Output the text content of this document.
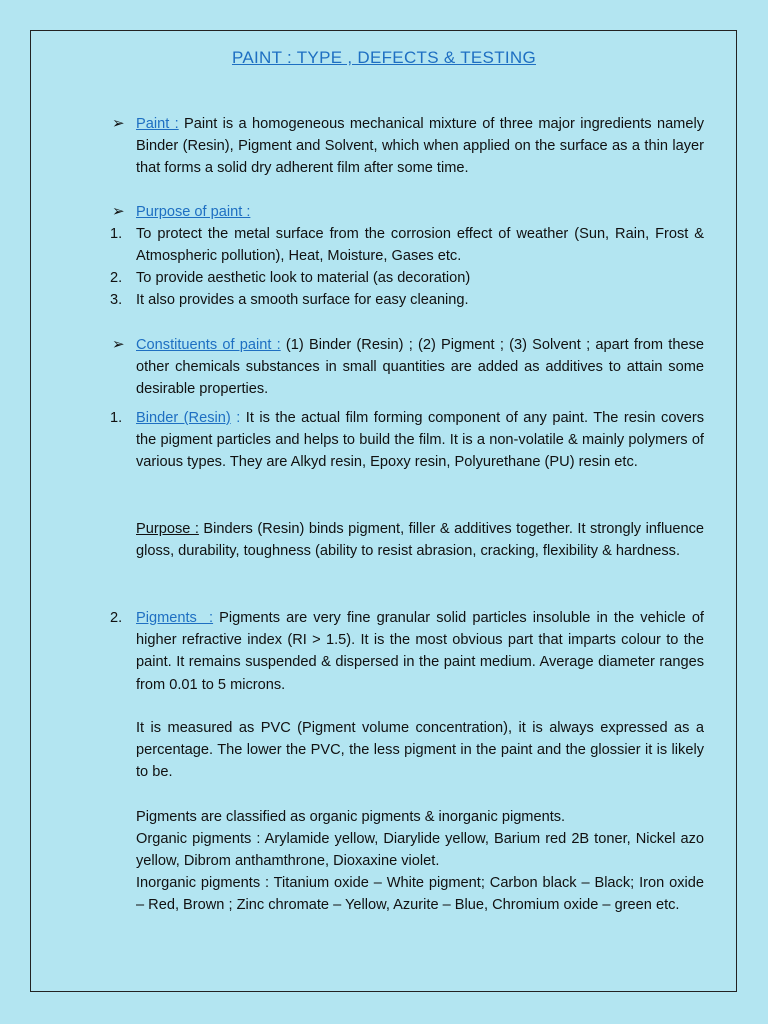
PAINT : TYPE , DEFECTS & TESTING
➢ Paint : Paint is a homogeneous mechanical mixture of three major ingredients namely Binder (Resin), Pigment and Solvent, which when applied on the surface as a thin layer that forms a solid dry adherent film after some time.

➢ Purpose of paint :

1. To protect the metal surface from the corrosion effect of weather (Sun, Rain, Frost & Atmospheric pollution), Heat, Moisture, Gases etc.

2. To provide aesthetic look to material (as decoration)

3. It also provides a smooth surface for easy cleaning.

➢ Constituents of paint : (1) Binder (Resin) ; (2) Pigment ; (3) Solvent ; apart from these other chemicals substances in small quantities are added as additives to attain some desirable properties.

1. Binder (Resin) : It is the actual film forming component of any paint. The resin covers the pigment particles and helps to build the film. It is a non-volatile & mainly polymers of various types. They are Alkyd resin, Epoxy resin, Polyurethane (PU) resin etc.

Purpose : Binders (Resin) binds pigment, filler & additives together. It strongly influence gloss, durability, toughness (ability to resist abrasion, cracking, flexibility & hardness.

2. Pigments  : Pigments are very fine granular solid particles insoluble in the vehicle of higher refractive index (RI > 1.5). It is the most obvious part that imparts colour to the paint. It remains suspended & dispersed in the paint medium. Average diameter ranges from 0.01 to 5 microns.

It is measured as PVC (Pigment volume concentration), it is always expressed as a percentage. The lower the PVC, the less pigment in the paint and the glossier it is likely to be.

Pigments are classified as organic pigments & inorganic pigments.

Organic pigments : Arylamide yellow, Diarylide yellow, Barium red 2B toner, Nickel azo yellow, Dibrom anthamthrone, Dioxaxine violet.

Inorganic pigments : Titanium oxide – White pigment; Carbon black – Black; Iron oxide – Red, Brown ; Zinc chromate – Yellow, Azurite – Blue, Chromium oxide – green etc.
